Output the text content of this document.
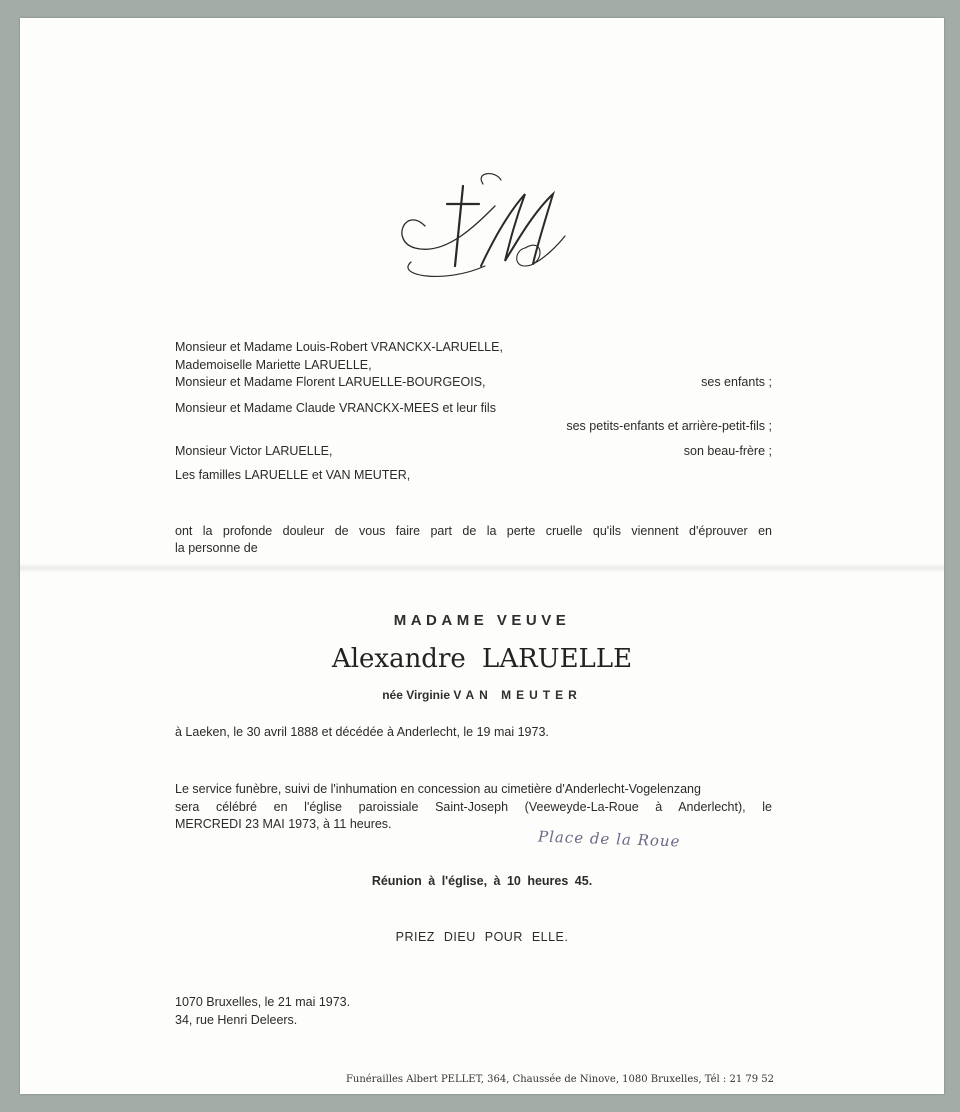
Monsieur et Madame Louis-Robert VRANCKX-LARUELLE,
Mademoiselle Mariette LARUELLE,
Monsieur et Madame Florent LARUELLE-BOURGEOIS,	ses enfants ;
Monsieur et Madame Claude VRANCKX-MEES et leur fils
ses petits-enfants et arrière-petit-fils ;
Monsieur Victor LARUELLE,	son beau-frère ;
Les familles LARUELLE et VAN MEUTER,
ont la profonde douleur de vous faire part de la perte cruelle qu'ils viennent d'éprouver en
la personne de
MADAME VEUVE
Alexandre LARUELLE
née Virginie VAN MEUTER
à Laeken, le 30 avril 1888 et décédée à Anderlecht, le 19 mai 1973.
Le service funèbre, suivi de l'inhumation en concession au cimetière d'Anderlecht-Vogelenzang
sera célébré en l'église paroissiale Saint-Joseph (Veeweyde-La-Roue à Anderlecht), le
MERCREDI 23 MAI 1973, à 11 heures.
Place de la Roue
Réunion à l'église, à 10 heures 45.
PRIEZ DIEU POUR ELLE.
1070 Bruxelles, le 21 mai 1973.
34, rue Henri Deleers.
Funérailles Albert PELLET, 364, Chaussée de Ninove, 1080 Bruxelles, Tél : 21 79 52
